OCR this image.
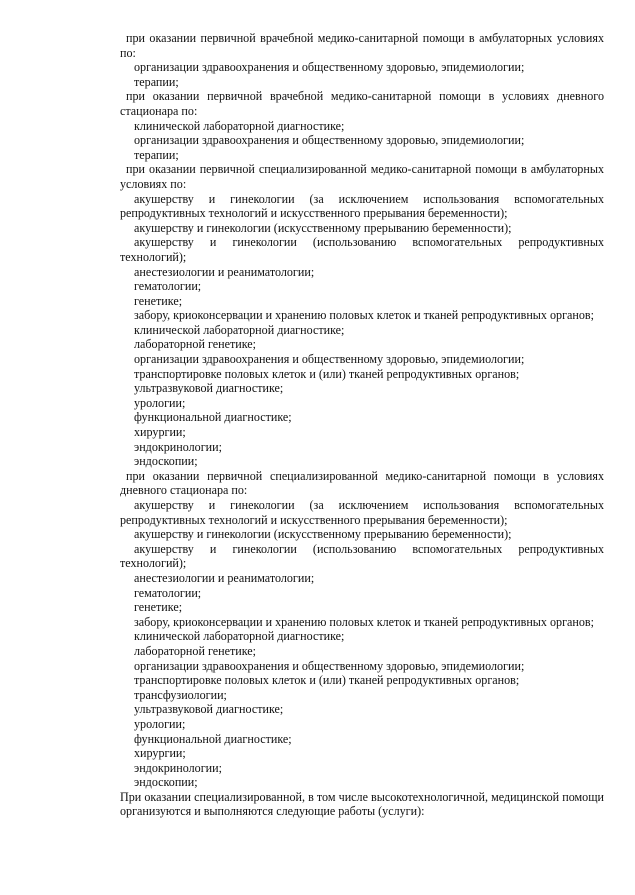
при оказании первичной врачебной медико-санитарной помощи в амбулаторных условиях по:

организации здравоохранения и общественному здоровью, эпидемиологии;

терапии;

при оказании первичной врачебной медико-санитарной помощи в условиях дневного стационара по:

клинической лабораторной диагностике;

организации здравоохранения и общественному здоровью, эпидемиологии;

терапии;

при оказании первичной специализированной медико-санитарной помощи в амбулаторных условиях по:

акушерству и гинекологии (за исключением использования вспомогательных репродуктивных технологий и искусственного прерывания беременности);

акушерству и гинекологии (искусственному прерыванию беременности);

акушерству и гинекологии (использованию вспомогательных репродуктивных технологий);

анестезиологии и реаниматологии;

гематологии;

генетике;

забору, криоконсервации и хранению половых клеток и тканей репродуктивных органов;

клинической лабораторной диагностике;

лабораторной генетике;

организации здравоохранения и общественному здоровью, эпидемиологии;

транспортировке половых клеток и (или) тканей репродуктивных органов;

ультразвуковой диагностике;

урологии;

функциональной диагностике;

хирургии;

эндокринологии;

эндоскопии;

при оказании первичной специализированной медико-санитарной помощи в условиях дневного стационара по:

акушерству и гинекологии (за исключением использования вспомогательных репродуктивных технологий и искусственного прерывания беременности);

акушерству и гинекологии (искусственному прерыванию беременности);

акушерству и гинекологии (использованию вспомогательных репродуктивных технологий);

анестезиологии и реаниматологии;

гематологии;

генетике;

забору, криоконсервации и хранению половых клеток и тканей репродуктивных органов;

клинической лабораторной диагностике;

лабораторной генетике;

организации здравоохранения и общественному здоровью, эпидемиологии;

транспортировке половых клеток и (или) тканей репродуктивных органов;

трансфузиологии;

ультразвуковой диагностике;

урологии;

функциональной диагностике;

хирургии;

эндокринологии;

эндоскопии;

При оказании специализированной, в том числе высокотехнологичной, медицинской помощи организуются и выполняются следующие работы (услуги):
